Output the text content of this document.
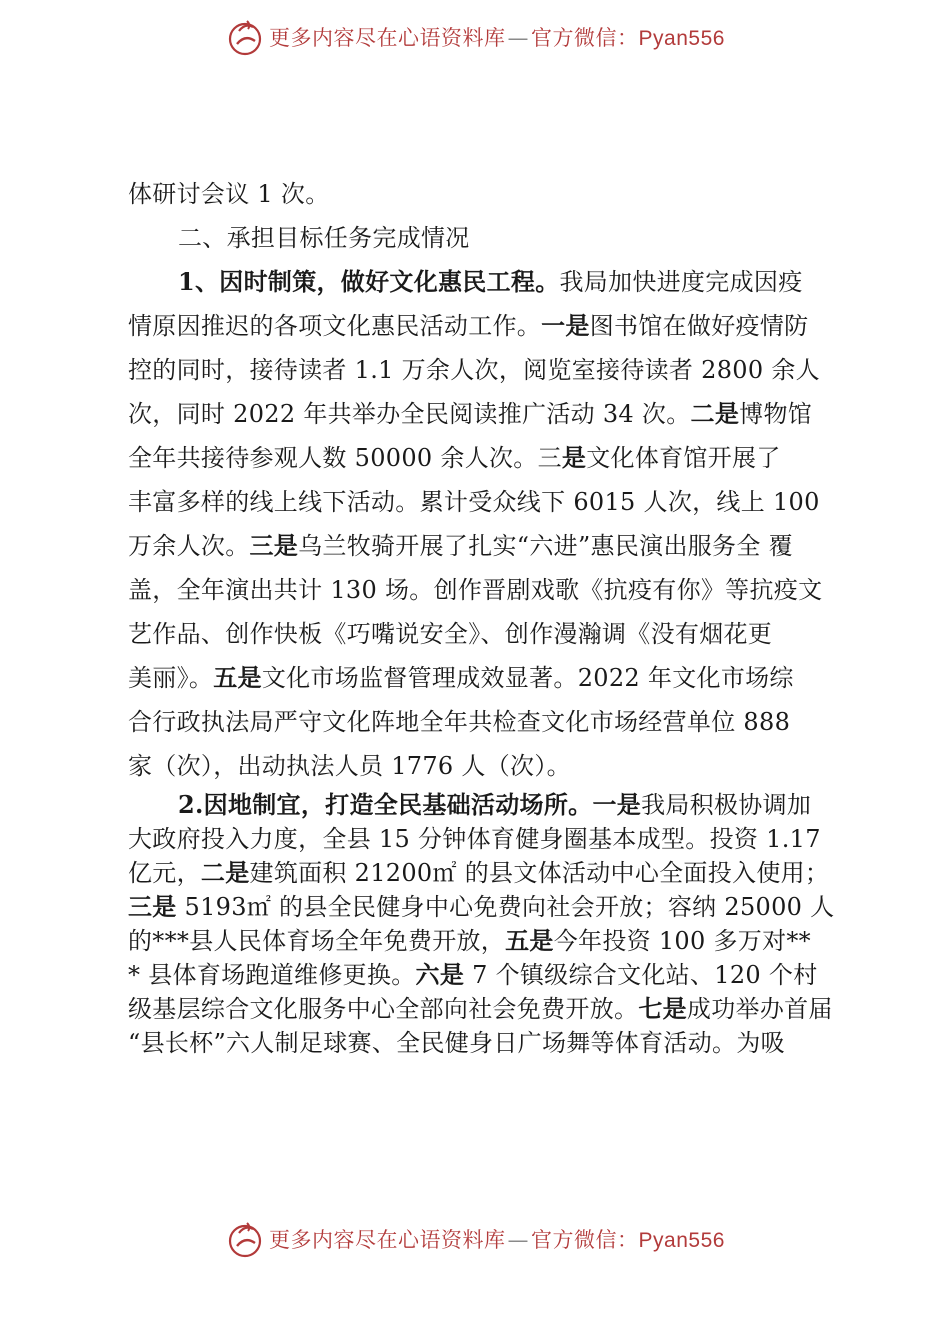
更多内容尽在心语资料库—官方微信：Pyan556
体研讨会议 1 次。
二、承担目标任务完成情况
1、因时制策，做好文化惠民工程。我局加快进度完成因疫
情原因推迟的各项文化惠民活动工作。一是图书馆在做好疫情防
控的同时，接待读者 1.1 万余人次，阅览室接待读者 2800 余人
次，同时 2022 年共举办全民阅读推广活动 34 次。二是博物馆
全年共接待参观人数 50000 余人次。三是文化体育馆开展了
丰富多样的线上线下活动。累计受众线下 6015 人次，线上 100
万余人次。三是乌兰牧骑开展了扎实“六进”惠民演出服务全 覆
盖，全年演出共计 130 场。创作晋剧戏歌《抗疫有你》等抗疫文
艺作品、创作快板《巧嘴说安全》、创作漫瀚调《没有烟花更
美丽》。五是文化市场监督管理成效显著。2022 年文化市场综
合行政执法局严守文化阵地全年共检查文化市场经营单位 888
家（次），出动执法人员 1776 人（次）。
2.因地制宜，打造全民基础活动场所。一是我局积极协调加
大政府投入力度，全县 15 分钟体育健身圈基本成型。投资 1.17
亿元，二是建筑面积 21200㎡ 的县文体活动中心全面投入使用；
三是 5193㎡ 的县全民健身中心免费向社会开放；容纳 25000 人
的***县人民体育场全年免费开放，五是今年投资 100 多万对**
* 县体育场跑道维修更换。六是 7 个镇级综合文化站、120 个村
级基层综合文化服务中心全部向社会免费开放。七是成功举办首届
“县长杯”六人制足球赛、全民健身日广场舞等体育活动。为吸
更多内容尽在心语资料库—官方微信：Pyan556
